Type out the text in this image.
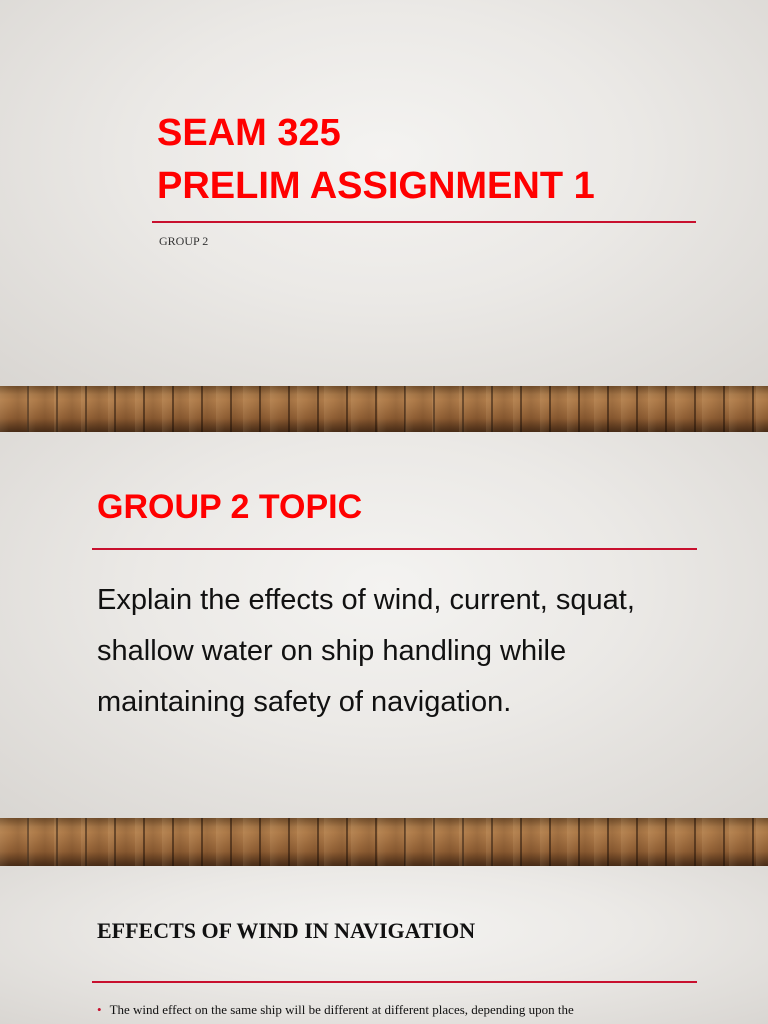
SEAM 325
PRELIM ASSIGNMENT 1

GROUP 2

GROUP 2 TOPIC

Explain the effects of wind, current, squat, shallow water on ship handling while maintaining safety of navigation.

EFFECTS OF WIND IN NAVIGATION
• The wind effect on the same ship will be different at different places, depending upon the
